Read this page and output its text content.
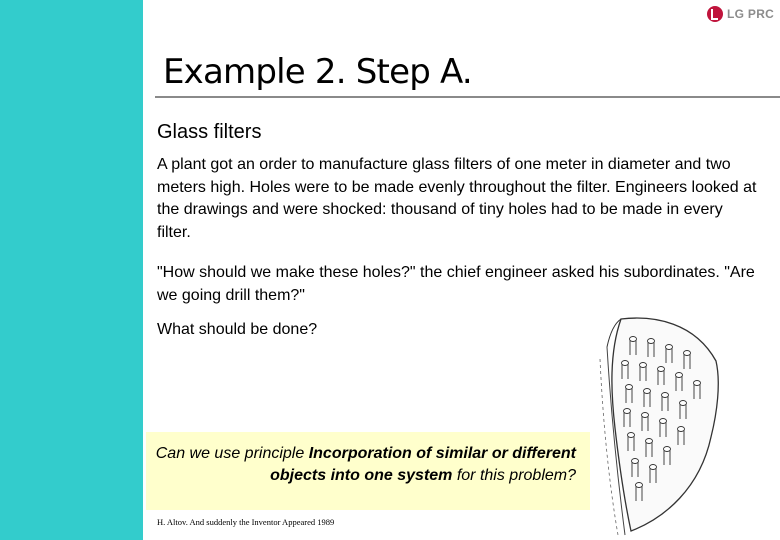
LG PRC
Example 2. Step A.
Glass filters

A plant got an order to manufacture glass filters of one meter in diameter and two meters high. Holes were to be made evenly throughout the filter. Engineers looked at the drawings and were shocked: thousand of tiny holes had to be made in every filter.

"How should we make these holes?" the chief engineer asked his subordinates. "Are we going drill them?"

What should be done?

Can we use principle Incorporation of similar or different objects into one system for this problem?

H. Altov. And suddenly the Inventor Appeared 1989
